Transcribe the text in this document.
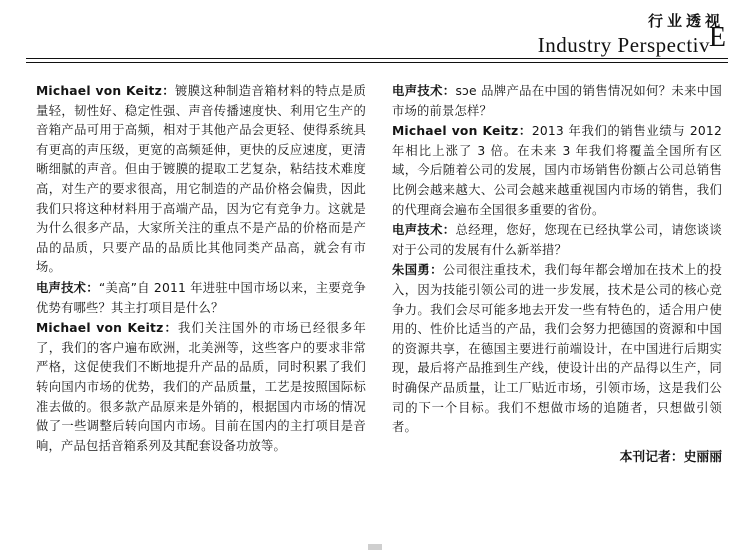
行业透视
Industry Perspectiv
E

Michael von Keitz：镀膜这种制造音箱材料的特点是质量轻，韧性好、稳定性强、声音传播速度快、利用它生产的音箱产品可用于高频，相对于其他产品会更轻、使得系统具有更高的声压级，更宽的高频延伸，更快的反应速度，更清晰细腻的声音。但由于镀膜的提取工艺复杂，粘结技术难度高，对生产的要求很高，用它制造的产品价格会偏贵，因此我们只将这种材料用于高端产品，因为它有竞争力。这就是为什么很多产品，大家所关注的重点不是产品的价格而是产品的品质，只要产品的品质比其他同类产品高，就会有市场。

电声技术：“美高”自 2011 年进驻中国市场以来，主要竞争优势有哪些？其主打项目是什么？

Michael von Keitz：我们关注国外的市场已经很多年了，我们的客户遍布欧洲，北美洲等，这些客户的要求非常严格，这促使我们不断地提升产品的品质，同时积累了我们转向国内市场的优势，我们的产品质量，工艺是按照国际标准去做的。很多款产品原来是外销的，根据国内市场的情况做了一些调整后转向国内市场。目前在国内的主打项目是音响，产品包括音箱系列及其配套设备功放等。

电声技术：sɔe 品牌产品在中国的销售情况如何？未来中国市场的前景怎样？

Michael von Keitz：2013 年我们的销售业绩与 2012 年相比上涨了 3 倍。在未来 3 年我们将覆盖全国所有区域，今后随着公司的发展，国内市场销售份额占公司总销售比例会越来越大、公司会越来越重视国内市场的销售，我们的代理商会遍布全国很多重要的省份。

电声技术：总经理，您好，您现在已经执掌公司，请您谈谈对于公司的发展有什么新举措？

朱国勇：公司很注重技术，我们每年都会增加在技术上的投入，因为技能引领公司的进一步发展，技术是公司的核心竞争力。我们会尽可能多地去开发一些有特色的，适合用户使用的、性价比适当的产品，我们会努力把德国的资源和中国的资源共享，在德国主要进行前端设计，在中国进行后期实现，最后将产品推到生产线，使设计出的产品得以生产，同时确保产品质量，让工厂贴近市场，引领市场，这是我们公司的下一个目标。我们不想做市场的追随者，只想做引领者。

本刊记者：史丽丽
